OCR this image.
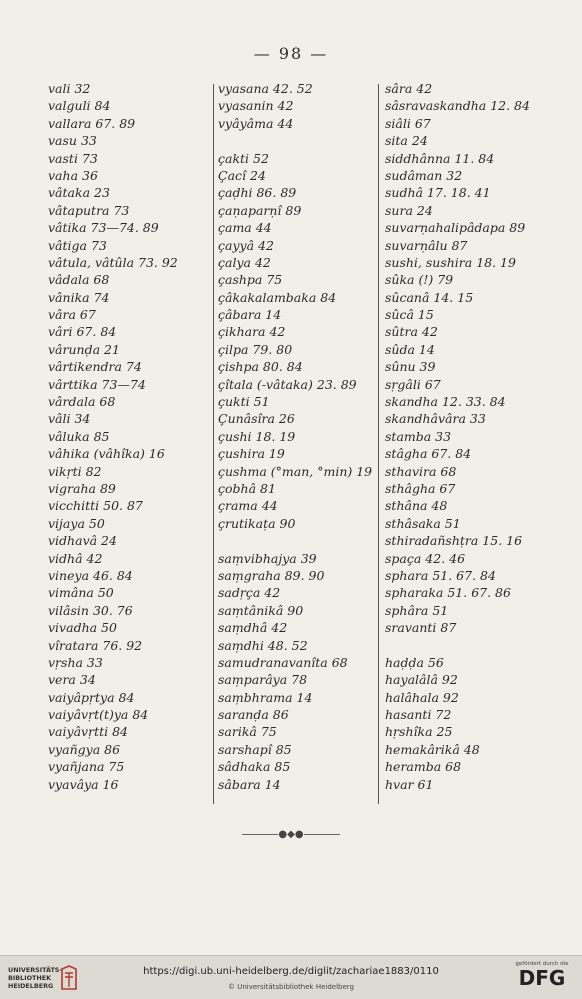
— 98 —
vali 32
valguli 84
vallara 67. 89
vasu 33
vasti 73
vaha 36
vâtaka 23
vâtaputra 73
vâtika 73—74. 89
vâtiga 73
vâtula, vâtûla 73. 92
vâdala 68
vânika 74
vâra 67
vâri 67. 84
vârunḍa 21
vârtikendra 74
vârttika 73—74
vârdala 68
vâli 34
vâluka 85
vâhika (vâhîka) 16
vikṛti 82
vigraha 89
vicchitti 50. 87
vijaya 50
vidhavâ 24
vidhâ 42
vineya 46. 84
vimâna 50
vilâsin 30. 76
vivadha 50
vîratara 76. 92
vṛsha 33
vera 34
vaiyâpṛtya 84
vaiyâvṛt(t)ya 84
vaiyâvṛtti 84
vyañgya 86
vyañjana 75
vyavâya 16
vyasana 42. 52
vyasanin 42
vyâyâma 44
çakti 52
Çacî 24
çaḍhi 86. 89
çaṇaparṇî 89
çama 44
çayyâ 42
çalya 42
çashpa 75
çâkakalambaka 84
çâbara 14
çikhara 42
çilpa 79. 80
çishpa 80. 84
çîtala (-vâtaka) 23. 89
çukti 51
Çunâsîra 26
çushi 18. 19
çushira 19
çushma (°man, °min) 19
çobhâ 81
çrama 44
çrutikaṭa 90
saṃvibhajya 39
saṃgraha 89. 90
sadṛça 42
saṃtânikâ 90
saṃdhâ 42
saṃdhi 48. 52
samudranavanîta 68
saṃparâya 78
saṃbhrama 14
saranḍa 86
sarikâ 75
sarshapî 85
sâdhaka 85
sâbara 14
sâra 42
sâsravaskandha 12. 84
siâli 67
sita 24
siddhânna 11. 84
sudâman 32
sudhâ 17. 18. 41
sura 24
suvarṇahalipâdapa 89
suvarṇâlu 87
sushi, sushira 18. 19
sûka (!) 79
sûcanâ 14. 15
sûcâ 15
sûtra 42
sûda 14
sûnu 39
sṛgâli 67
skandha 12. 33. 84
skandhâvâra 33
stamba 33
stâgha 67. 84
sthavira 68
sthâgha 67
sthâna 48
sthâsaka 51
sthiradañshṭra 15. 16
spaça 42. 46
sphara 51. 67. 84
spharaka 51. 67. 86
sphâra 51
sravanti 87
haḍḍa 56
hayalâlâ 92
halâhala 92
hasanti 72
hṛshîka 25
hemakârikâ 48
heramba 68
hvar 61
●◆●
UNIVERSITÄTS-
BIBLIOTHEK
HEIDELBERG
https://digi.ub.uni-heidelberg.de/diglit/zachariae1883/0110
© Universitätsbibliothek Heidelberg
gefördert durch die
DFG
